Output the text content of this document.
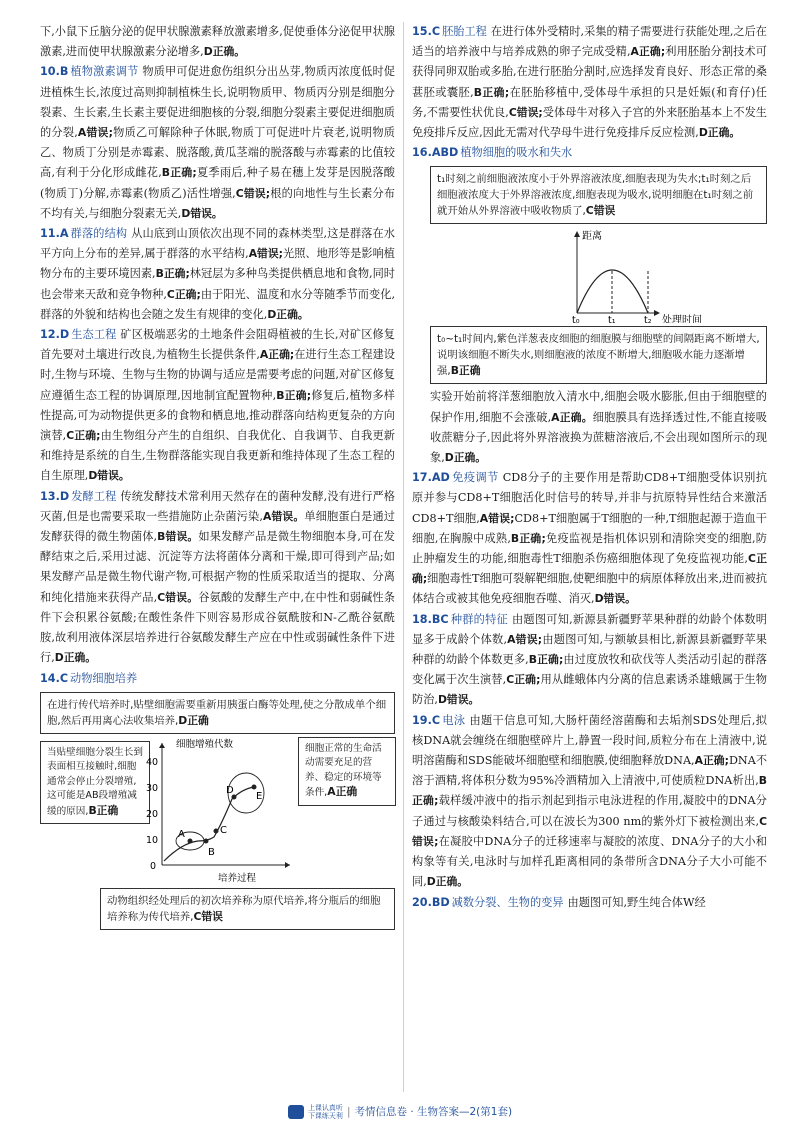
下,小鼠下丘脑分泌的促甲状腺激素释放激素增多,促使垂体分泌促甲状腺激素,进而使甲状腺激素分泌增多,D正确。

10.B 植物激素调节 物质甲可促进愈伤组织分出丛芽,物质丙浓度低时促进植株生长,浓度过高则抑制植株生长,说明物质甲、物质丙分别是细胞分裂素、生长素,生长素主要促进细胞核的分裂,细胞分裂素主要促进细胞质的分裂,A错误;物质乙可解除种子休眠,物质丁可促进叶片衰老,说明物质乙、物质丁分别是赤霉素、脱落酸,黄瓜茎端的脱落酸与赤霉素的比值较高,有利于分化形成雌花,B正确;夏季雨后,种子易在穗上发芽是因脱落酸(物质丁)分解,赤霉素(物质乙)活性增强,C错误;根的向地性与生长素分布不均有关,与细胞分裂素无关,D错误。

11.A 群落的结构 从山底到山顶依次出现不同的森林类型,这是群落在水平方向上分布的差异,属于群落的水平结构,A错误;光照、地形等是影响植物分布的主要环境因素,B正确;林冠层为多种鸟类提供栖息地和食物,同时也会带来天敌和竞争物种,C正确;由于阳光、温度和水分等随季节而变化,群落的外貌和结构也会随之发生有规律的变化,D正确。

12.D 生态工程 矿区极端恶劣的土地条件会阻碍植被的生长,对矿区修复首先要对土壤进行改良,为植物生长提供条件,A正确;在进行生态工程建设时,生物与环境、生物与生物的协调与适应是需要考虑的问题,对矿区修复应遵循生态工程的协调原理,因地制宜配置物种,B正确;修复后,植物多样性提高,可为动物提供更多的食物和栖息地,推动群落向结构更复杂的方向演替,C正确;由生物组分产生的自组织、自我优化、自我调节、自我更新和维持是系统的自生,生物群落能实现自我更新和维持体现了生态工程的自生原理,D错误。

13.D 发酵工程 传统发酵技术常利用天然存在的菌种发酵,没有进行严格灭菌,但是也需要采取一些措施防止杂菌污染,A错误。单细胞蛋白是通过发酵获得的微生物菌体,B错误。如果发酵产品是微生物细胞本身,可在发酵结束之后,采用过滤、沉淀等方法将菌体分离和干燥,即可得到产品;如果发酵产品是微生物代谢产物,可根据产物的性质采取适当的提取、分离和纯化措施来获得产品,C错误。谷氨酸的发酵生产中,在中性和弱碱性条件下会积累谷氨酸;在酸性条件下则容易形成谷氨酰胺和N-乙酰谷氨酰胺,故利用液体深层培养进行谷氨酸发酵生产应在中性或弱碱性条件下进行,D正确。

14.C 动物细胞培养

在进行传代培养时,贴壁细胞需要重新用胰蛋白酶等处理,使之分散成单个细胞,然后再用离心法收集培养,D正确
当贴壁细胞分裂生长到表面相互接触时,细胞通常会停止分裂增殖,这可能是AB段增殖减缓的原因,B正确
细胞增殖代数
40
30
20
10
0
A
B
C
D
E
培养过程
细胞正常的生命活动需要充足的营养、稳定的环境等条件,A正确
动物组织经处理后的初次培养称为原代培养,将分瓶后的细胞培养称为传代培养,C错误

15.C 胚胎工程 在进行体外受精时,采集的精子需要进行获能处理,之后在适当的培养液中与培养成熟的卵子完成受精,A正确;利用胚胎分割技术可获得同卵双胎或多胎,在进行胚胎分割时,应选择发育良好、形态正常的桑葚胚或囊胚,B正确;在胚胎移植中,受体母牛承担的只是妊娠(和育仔)任务,不需要性状优良,C错误;受体母牛对移入子宫的外来胚胎基本上不发生免疫排斥反应,因此无需对代孕母牛进行免疫排斥反应检测,D正确。

16.ABD 植物细胞的吸水和失水

t₁时刻之前细胞液浓度小于外界溶液浓度,细胞表现为失水;t₁时刻之后细胞液浓度大于外界溶液浓度,细胞表现为吸水,说明细胞在t₁时刻之前就开始从外界溶液中吸收物质了,C错误
距离
t₀	t₁	t₂ 处理时间
t₀~t₁时间内,紫色洋葱表皮细胞的细胞膜与细胞壁的间隔距离不断增大,说明该细胞不断失水,则细胞液的浓度不断增大,细胞吸水能力逐渐增强,B正确

实验开始前将洋葱细胞放入清水中,细胞会吸水膨胀,但由于细胞壁的保护作用,细胞不会涨破,A正确。细胞膜具有选择透过性,不能直接吸收蔗糖分子,因此将外界溶液换为蔗糖溶液后,不会出现如图所示的现象,D正确。

17.AD 免疫调节 CD8分子的主要作用是帮助CD8+T细胞受体识别抗原并参与CD8+T细胞活化时信号的转导,并非与抗原特异性结合来激活CD8+T细胞,A错误;CD8+T细胞属于T细胞的一种,T细胞起源于造血干细胞,在胸腺中成熟,B正确;免疫监视是指机体识别和清除突变的细胞,防止肿瘤发生的功能,细胞毒性T细胞杀伤癌细胞体现了免疫监视功能,C正确;细胞毒性T细胞可裂解靶细胞,使靶细胞中的病原体释放出来,进而被抗体结合或被其他免疫细胞吞噬、消灭,D错误。

18.BC 种群的特征 由题图可知,新源县新疆野苹果种群的幼龄个体数明显多于成龄个体数,A错误;由题图可知,与额敏县相比,新源县新疆野苹果种群的幼龄个体数更多,B正确;由过度放牧和砍伐等人类活动引起的群落变化属于次生演替,C正确;用从雌蛾体内分离的信息素诱杀雄蛾属于生物防治,D错误。

19.C 电泳 由题干信息可知,大肠杆菌经溶菌酶和去垢剂SDS处理后,拟核DNA就会缠绕在细胞壁碎片上,静置一段时间,质粒分布在上清液中,说明溶菌酶和SDS能破坏细胞壁和细胞膜,使细胞释放DNA,A正确;DNA不溶于酒精,将体积分数为95%冷酒精加入上清液中,可使质粒DNA析出,B正确;载样缓冲液中的指示剂起到指示电泳进程的作用,凝胶中的DNA分子通过与核酸染料结合,可以在波长为300 nm的紫外灯下被检测出来,C错误;在凝胶中DNA分子的迁移速率与凝胶的浓度、DNA分子的大小和构象等有关,电泳时与加样孔距离相同的条带所含DNA分子大小可能不同,D正确。

20.BD 减数分裂、生物的变异 由题图可知,野生纯合体W经

上课认真听
下课练天利 | 考情信息卷 · 生物答案—2(第1套)
